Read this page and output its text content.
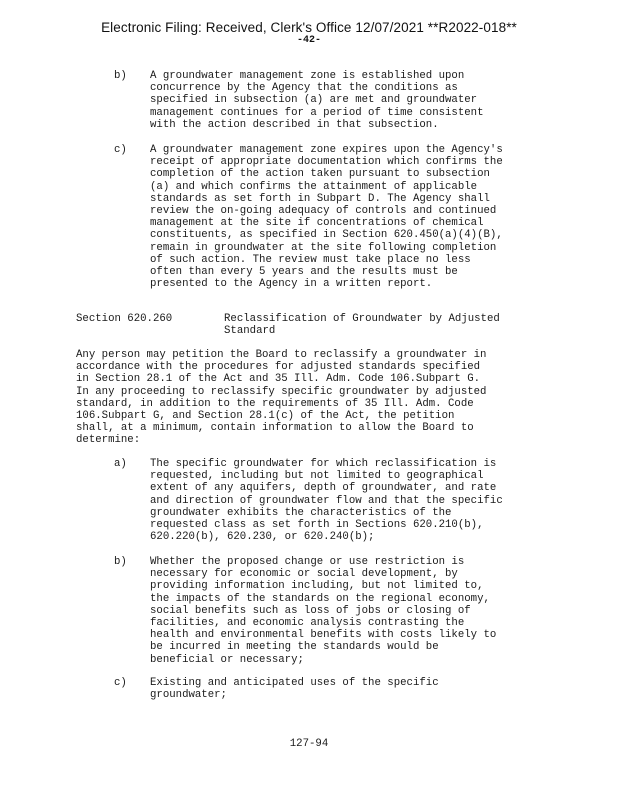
Electronic Filing: Received, Clerk's Office 12/07/2021 **R2022-018**
-42-
b) A groundwater management zone is established upon
concurrence by the Agency that the conditions as
specified in subsection (a) are met and groundwater
management continues for a period of time consistent
with the action described in that subsection.
c) A groundwater management zone expires upon the Agency's
receipt of appropriate documentation which confirms the
completion of the action taken pursuant to subsection
(a) and which confirms the attainment of applicable
standards as set forth in Subpart D. The Agency shall
review the on-going adequacy of controls and continued
management at the site if concentrations of chemical
constituents, as specified in Section 620.450(a)(4)(B),
remain in groundwater at the site following completion
of such action. The review must take place no less
often than every 5 years and the results must be
presented to the Agency in a written report.
Section 620.260	Reclassification of Groundwater by Adjusted
Standard
Any person may petition the Board to reclassify a groundwater in
accordance with the procedures for adjusted standards specified
in Section 28.1 of the Act and 35 Ill. Adm. Code 106.Subpart G.
In any proceeding to reclassify specific groundwater by adjusted
standard, in addition to the requirements of 35 Ill. Adm. Code
106.Subpart G, and Section 28.1(c) of the Act, the petition
shall, at a minimum, contain information to allow the Board to
determine:
a) The specific groundwater for which reclassification is
requested, including but not limited to geographical
extent of any aquifers, depth of groundwater, and rate
and direction of groundwater flow and that the specific
groundwater exhibits the characteristics of the
requested class as set forth in Sections 620.210(b),
620.220(b), 620.230, or 620.240(b);
b) Whether the proposed change or use restriction is
necessary for economic or social development, by
providing information including, but not limited to,
the impacts of the standards on the regional economy,
social benefits such as loss of jobs or closing of
facilities, and economic analysis contrasting the
health and environmental benefits with costs likely to
be incurred in meeting the standards would be
beneficial or necessary;
c) Existing and anticipated uses of the specific
groundwater;
127-94
